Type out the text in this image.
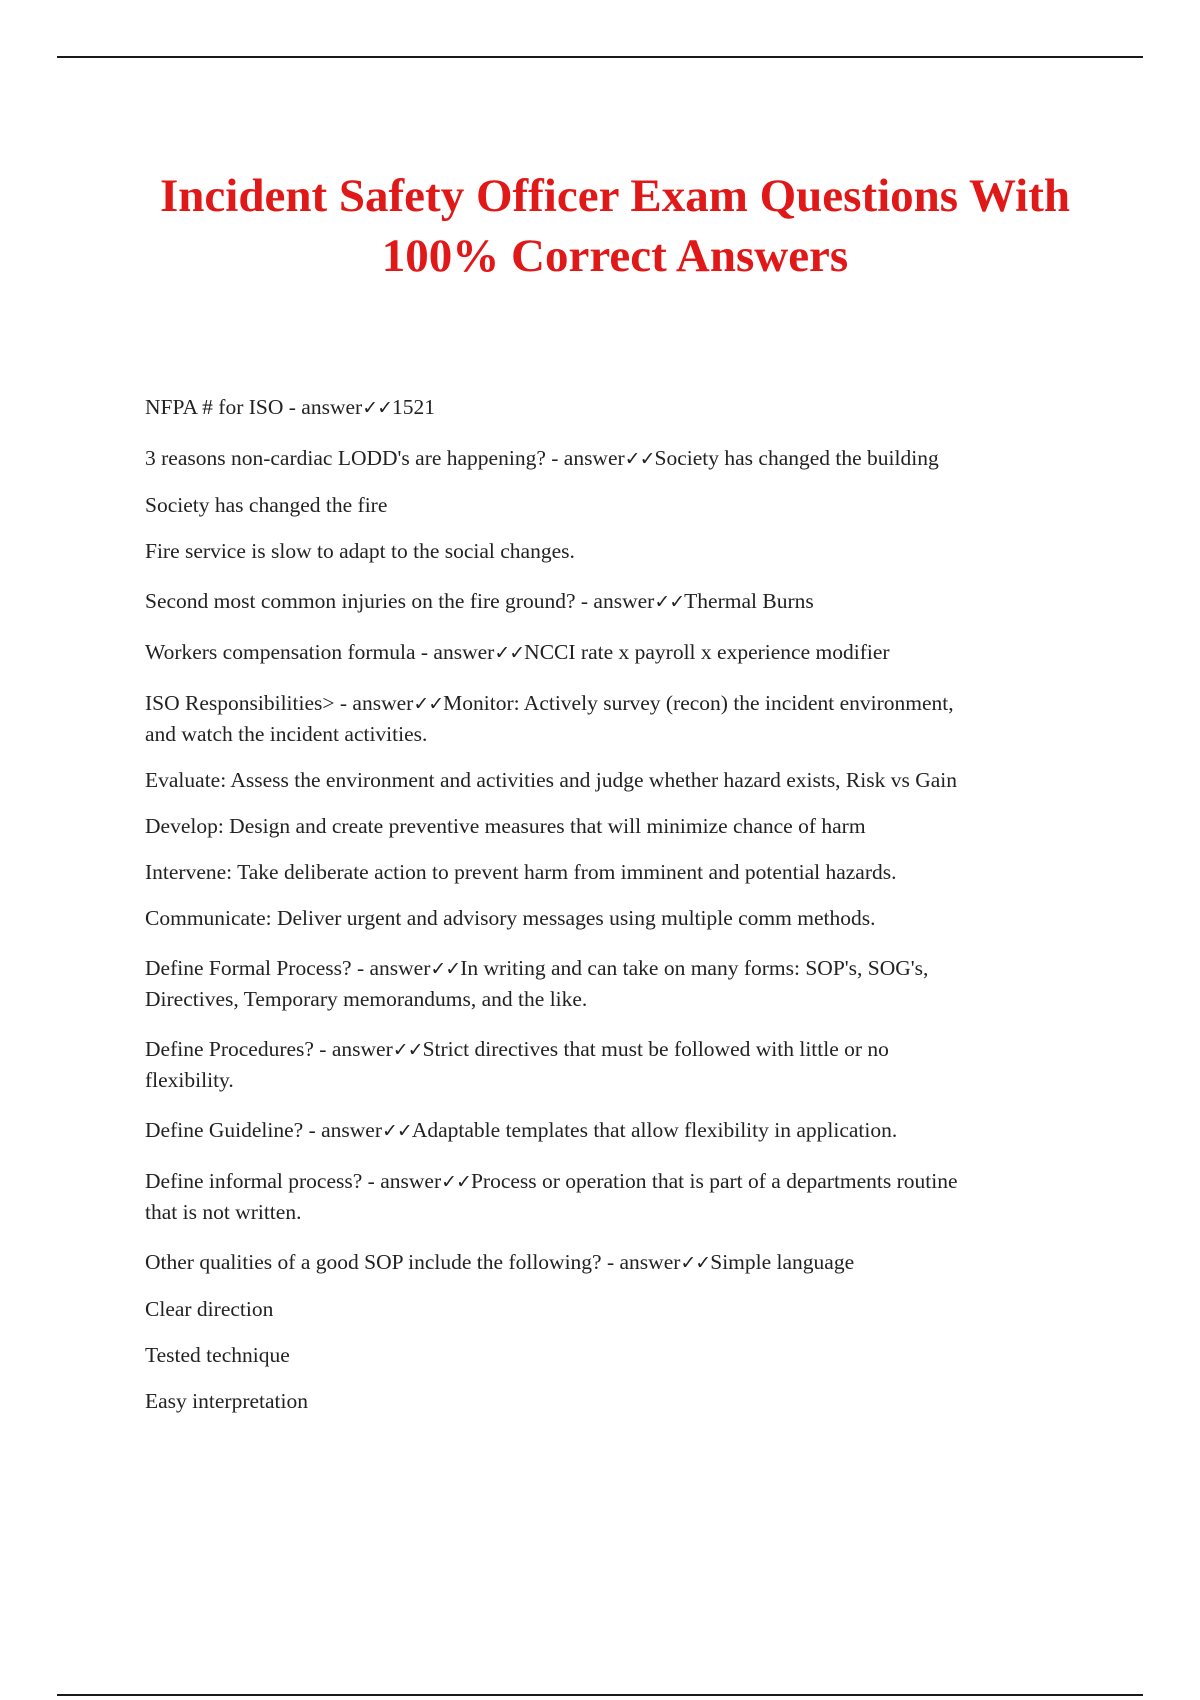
Incident Safety Officer Exam Questions With
100% Correct Answers

NFPA # for ISO - answer✓✓1521

3 reasons non-cardiac LODD's are happening? - answer✓✓Society has changed the building

Society has changed the fire

Fire service is slow to adapt to the social changes.

Second most common injuries on the fire ground? - answer✓✓Thermal Burns

Workers compensation formula - answer✓✓NCCI rate x payroll x experience modifier

ISO Responsibilities> - answer✓✓Monitor: Actively survey (recon) the incident environment,

and watch the incident activities.

Evaluate: Assess the environment and activities and judge whether hazard exists, Risk vs Gain

Develop: Design and create preventive measures that will minimize chance of harm

Intervene: Take deliberate action to prevent harm from imminent and potential hazards.

Communicate: Deliver urgent and advisory messages using multiple comm methods.

Define Formal Process? - answer✓✓In writing and can take on many forms: SOP's, SOG's,

Directives, Temporary memorandums, and the like.

Define Procedures? - answer✓✓Strict directives that must be followed with little or no

flexibility.

Define Guideline? - answer✓✓Adaptable templates that allow flexibility in application.

Define informal process? - answer✓✓Process or operation that is part of a departments routine

that is not written.

Other qualities of a good SOP include the following? - answer✓✓Simple language

Clear direction

Tested technique

Easy interpretation
